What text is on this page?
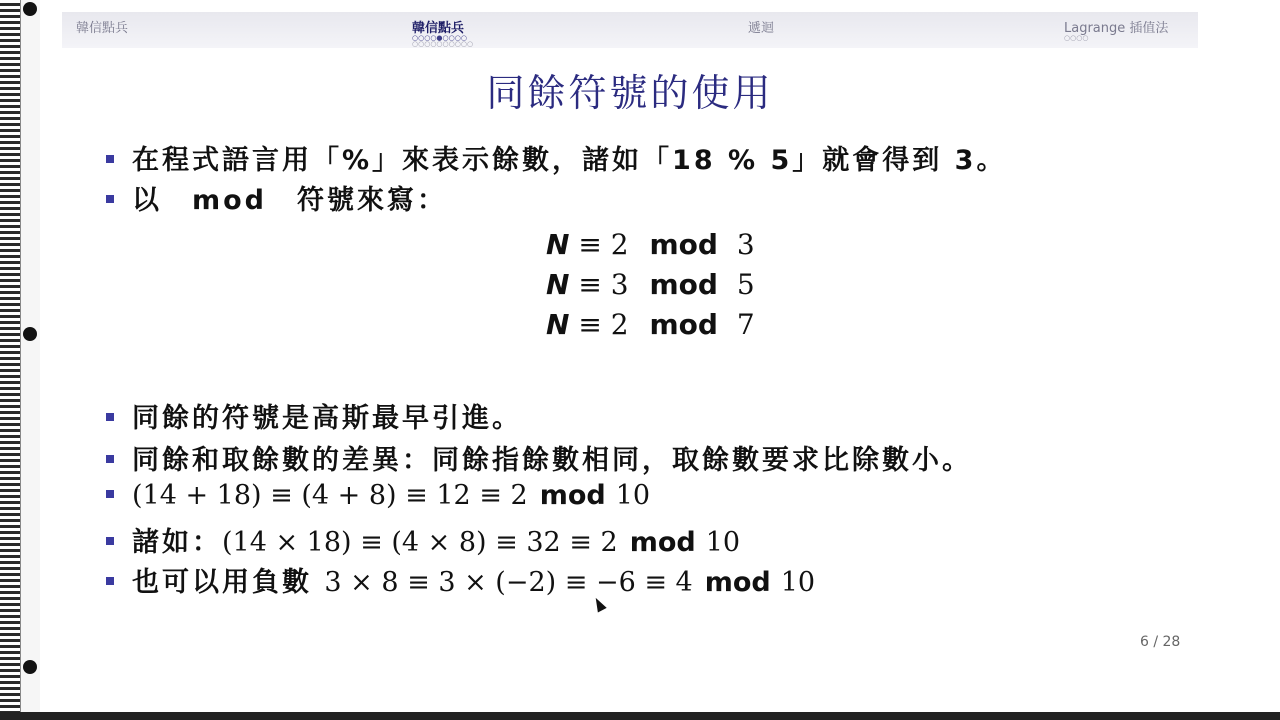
韓信點兵	韓信點兵
○○○○●○○○○
○○○○○○○○○○
遞迴	Lagrange 插值法
○○○○
同餘符號的使用
在程式語言用「%」來表示餘數，諸如「18 % 5」就會得到 3。
以　mod　符號來寫：
N ≡ 2 mod 3
N ≡ 3 mod 5
N ≡ 2 mod 7
同餘的符號是高斯最早引進。
同餘和取餘數的差異：同餘指餘數相同，取餘數要求比除數小。
(14 + 18) ≡ (4 + 8) ≡ 12 ≡ 2 mod 10
諸如：(14 × 18) ≡ (4 × 8) ≡ 32 ≡ 2 mod 10
也可以用負數 3 × 8 ≡ 3 × (−2) ≡ −6 ≡ 4 mod 10
6 / 28
